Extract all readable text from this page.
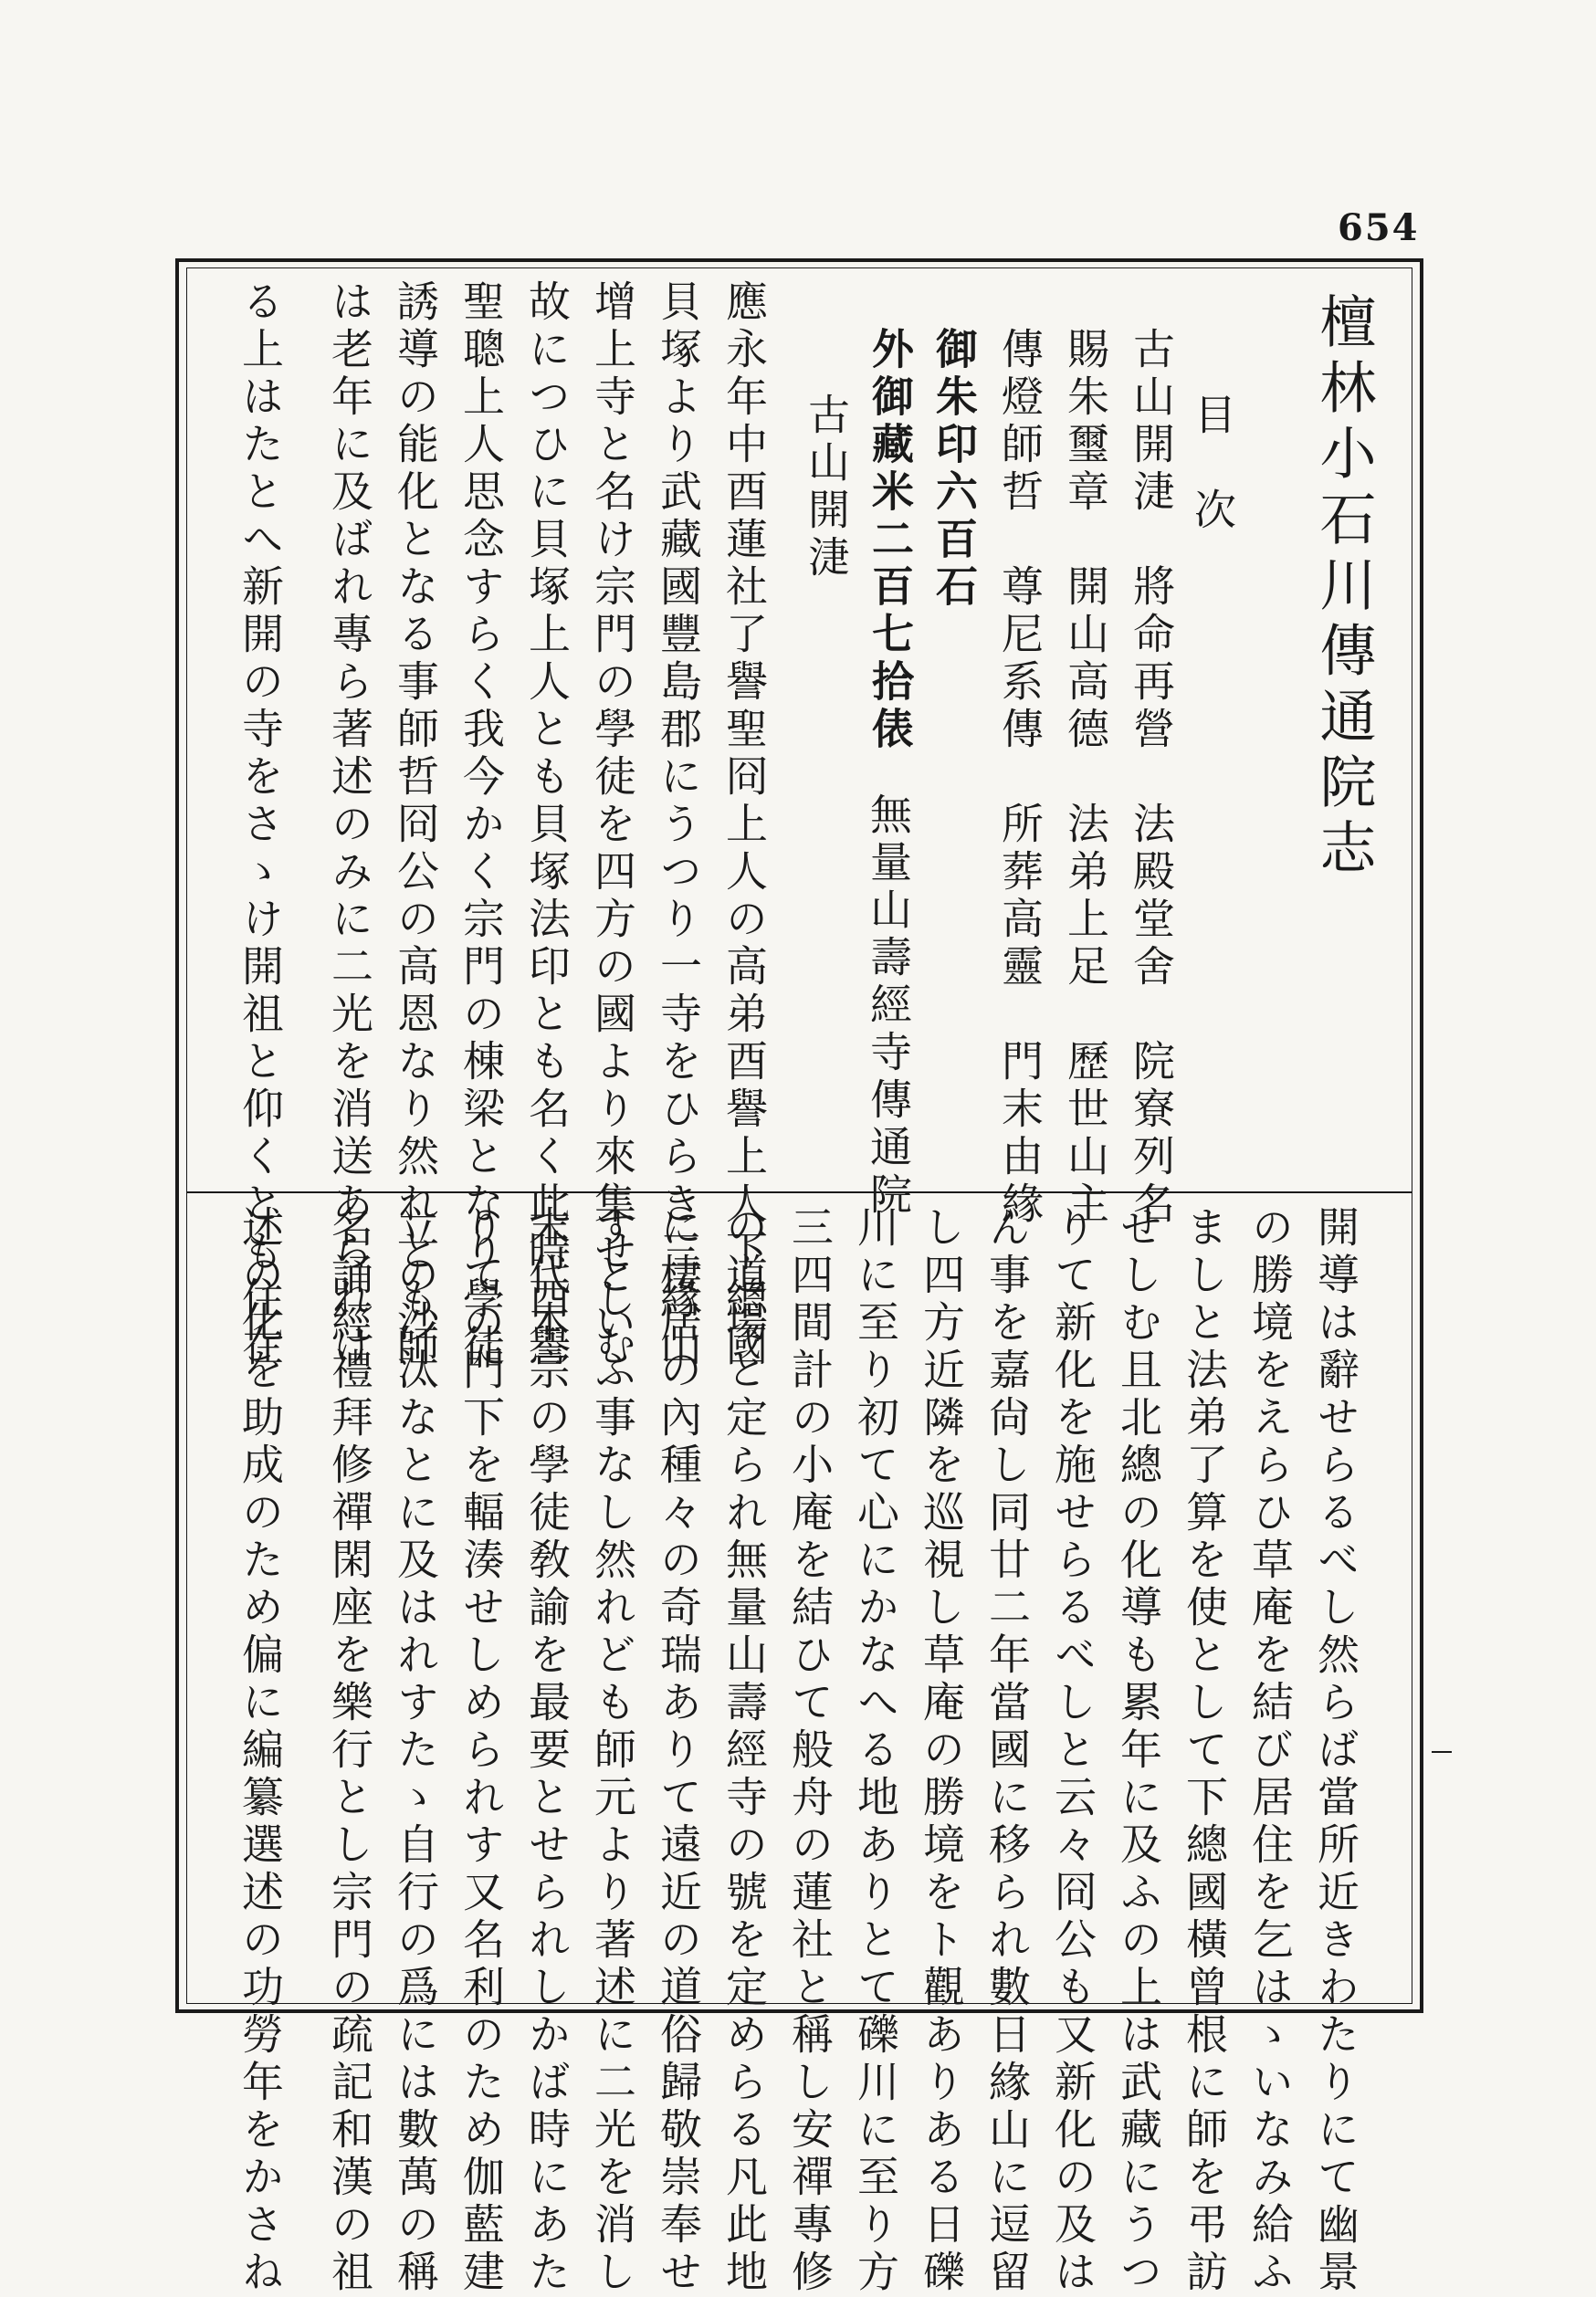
654
檀林小石川傳通院志
目　次
古山開𣶏　將命再營　法殿堂舍　院寮列名
賜朱璽章　開山高德　法弟上足　歷世山主
傳燈師哲　尊尼系傳　所葬高靈　門末由緣
御朱印六百石
外御藏米二百七拾俵
無量山壽經寺傳通院
古山開𣶏
應永年中酉蓮社了譽聖冏上人の高弟酉譽上人下總國
貝塚より武藏國豐島郡にうつり一寺をひらき三緣山
增上寺と名け宗門の學徒を四方の國より來集せしむ
故につひに貝塚上人とも貝塚法印とも名く此時酉譽
聖聰上人思念すらく我今かく宗門の棟梁となり學徒
誘導の能化となる事師哲冏公の高恩なり然れとも師
は老年に及ばれ專ら著述のみに二光を消送あられけ
る上はたとへ新開の寺をさゝけ開祖と仰くとも住在
開導は辭せらるべし然らば當所近きわたりにて幽景
の勝境をえらひ草庵を結び居住を乞はゝいなみ給ふ
ましと法弟了算を使として下總國橫曾根に師を弔訪
せしむ且北總の化導も累年に及ふの上は武藏にうつ
りて新化を施せらるべしと云々冏公も又新化の及は
ん事を嘉尙し同廿二年當國に移られ數日緣山に逗留
し四方近隣を巡視し草庵の勝境をト觀ありある日礫
川に至り初て心にかなへる地ありとて礫川に至り方
三四間計の小庵を結ひて般舟の蓮社と稱し安禪專修
の道場と定られ無量山壽經寺の號を定めらる凡此地
に棲居の內種々の奇瑞ありて遠近の道俗歸敬崇奉せ
すといふ事なし然れども師元より著述に二光を消し
末代本宗の學徒敎諭を最要とせられしかば時にあた
りての門下を輻湊せしめられす又名利のため伽藍建
立の沙汰なとに及はれすたゝ自行の爲には數萬の稱
名誦經禮拜修禪閑座を樂行とし宗門の疏記和漢の祖
述の化を助成のため偏に編纂選述の功勞年をかさね
